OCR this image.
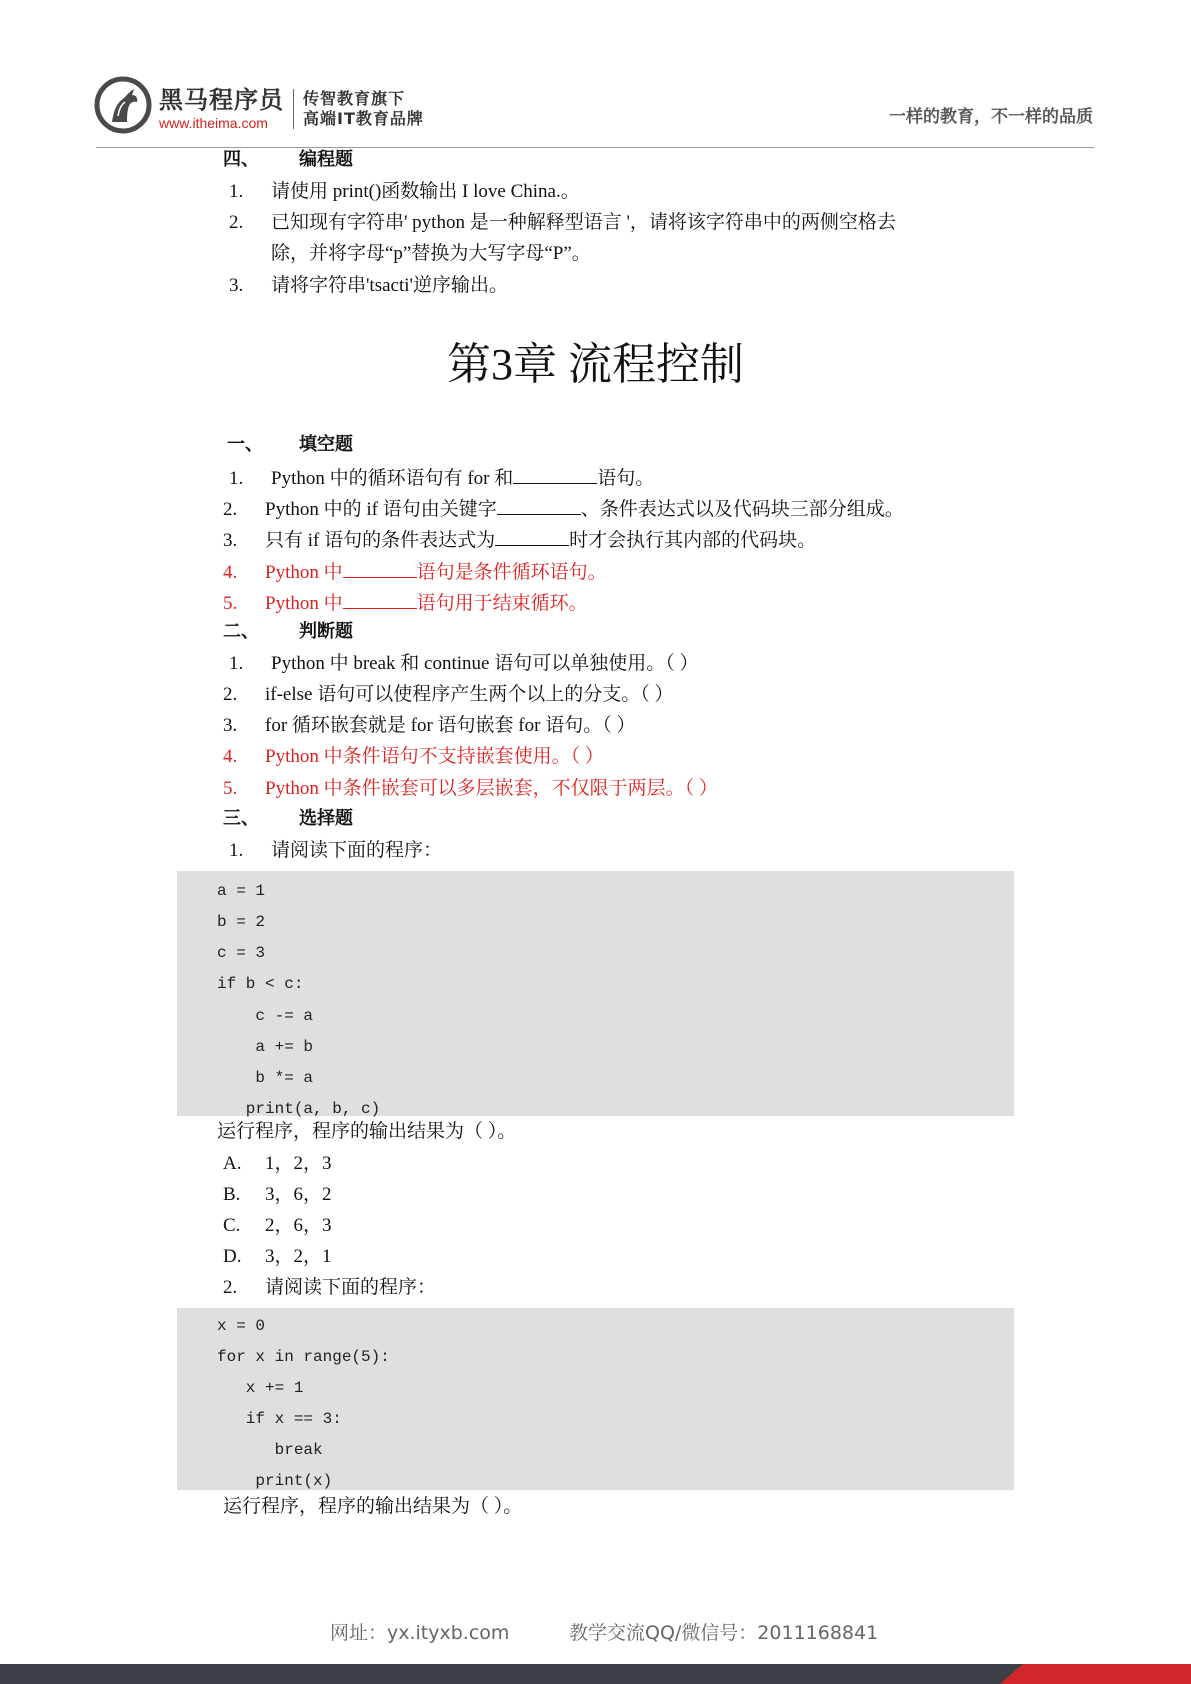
黑马程序员
www.itheima.com
传智教育旗下
高端IT教育品牌	一样的教育，不一样的品质
四、 编程题
1. 请使用 print()函数输出 I love China.。
2. 已知现有字符串' python 是一种解释型语言 '，请将该字符串中的两侧空格去
除，并将字母“p”替换为大写字母“P”。
3. 请将字符串'tsacti'逆序输出。
第3章 流程控制
一、 填空题
1. Python 中的循环语句有 for 和	语句。
2. Python 中的 if 语句由关键字	、条件表达式以及代码块三部分组成。
3. 只有 if 语句的条件表达式为	时才会执行其内部的代码块。
4. Python 中	语句是条件循环语句。
5. Python 中	语句用于结束循环。
二、 判断题
1. Python 中 break 和 continue 语句可以单独使用。（ ）
2. if-else 语句可以使程序产生两个以上的分支。（ ）
3. for 循环嵌套就是 for 语句嵌套 for 语句。（ ）
4. Python 中条件语句不支持嵌套使用。（ ）
5. Python 中条件嵌套可以多层嵌套，不仅限于两层。（ ）
三、 选择题
1. 请阅读下面的程序：
a = 1
b = 2
c = 3
if b < c:
c -= a
a += b
b *= a
print(a, b, c)
运行程序，程序的输出结果为（ ）。
A. 1，2，3
B. 3，6，2
C. 2，6，3
D. 3，2，1
2. 请阅读下面的程序：
x = 0
for x in range(5):
x += 1
if x == 3:
break
print(x)
运行程序，程序的输出结果为（ ）。
网址：yx.ityxb.com	教学交流QQ/微信号：2011168841
